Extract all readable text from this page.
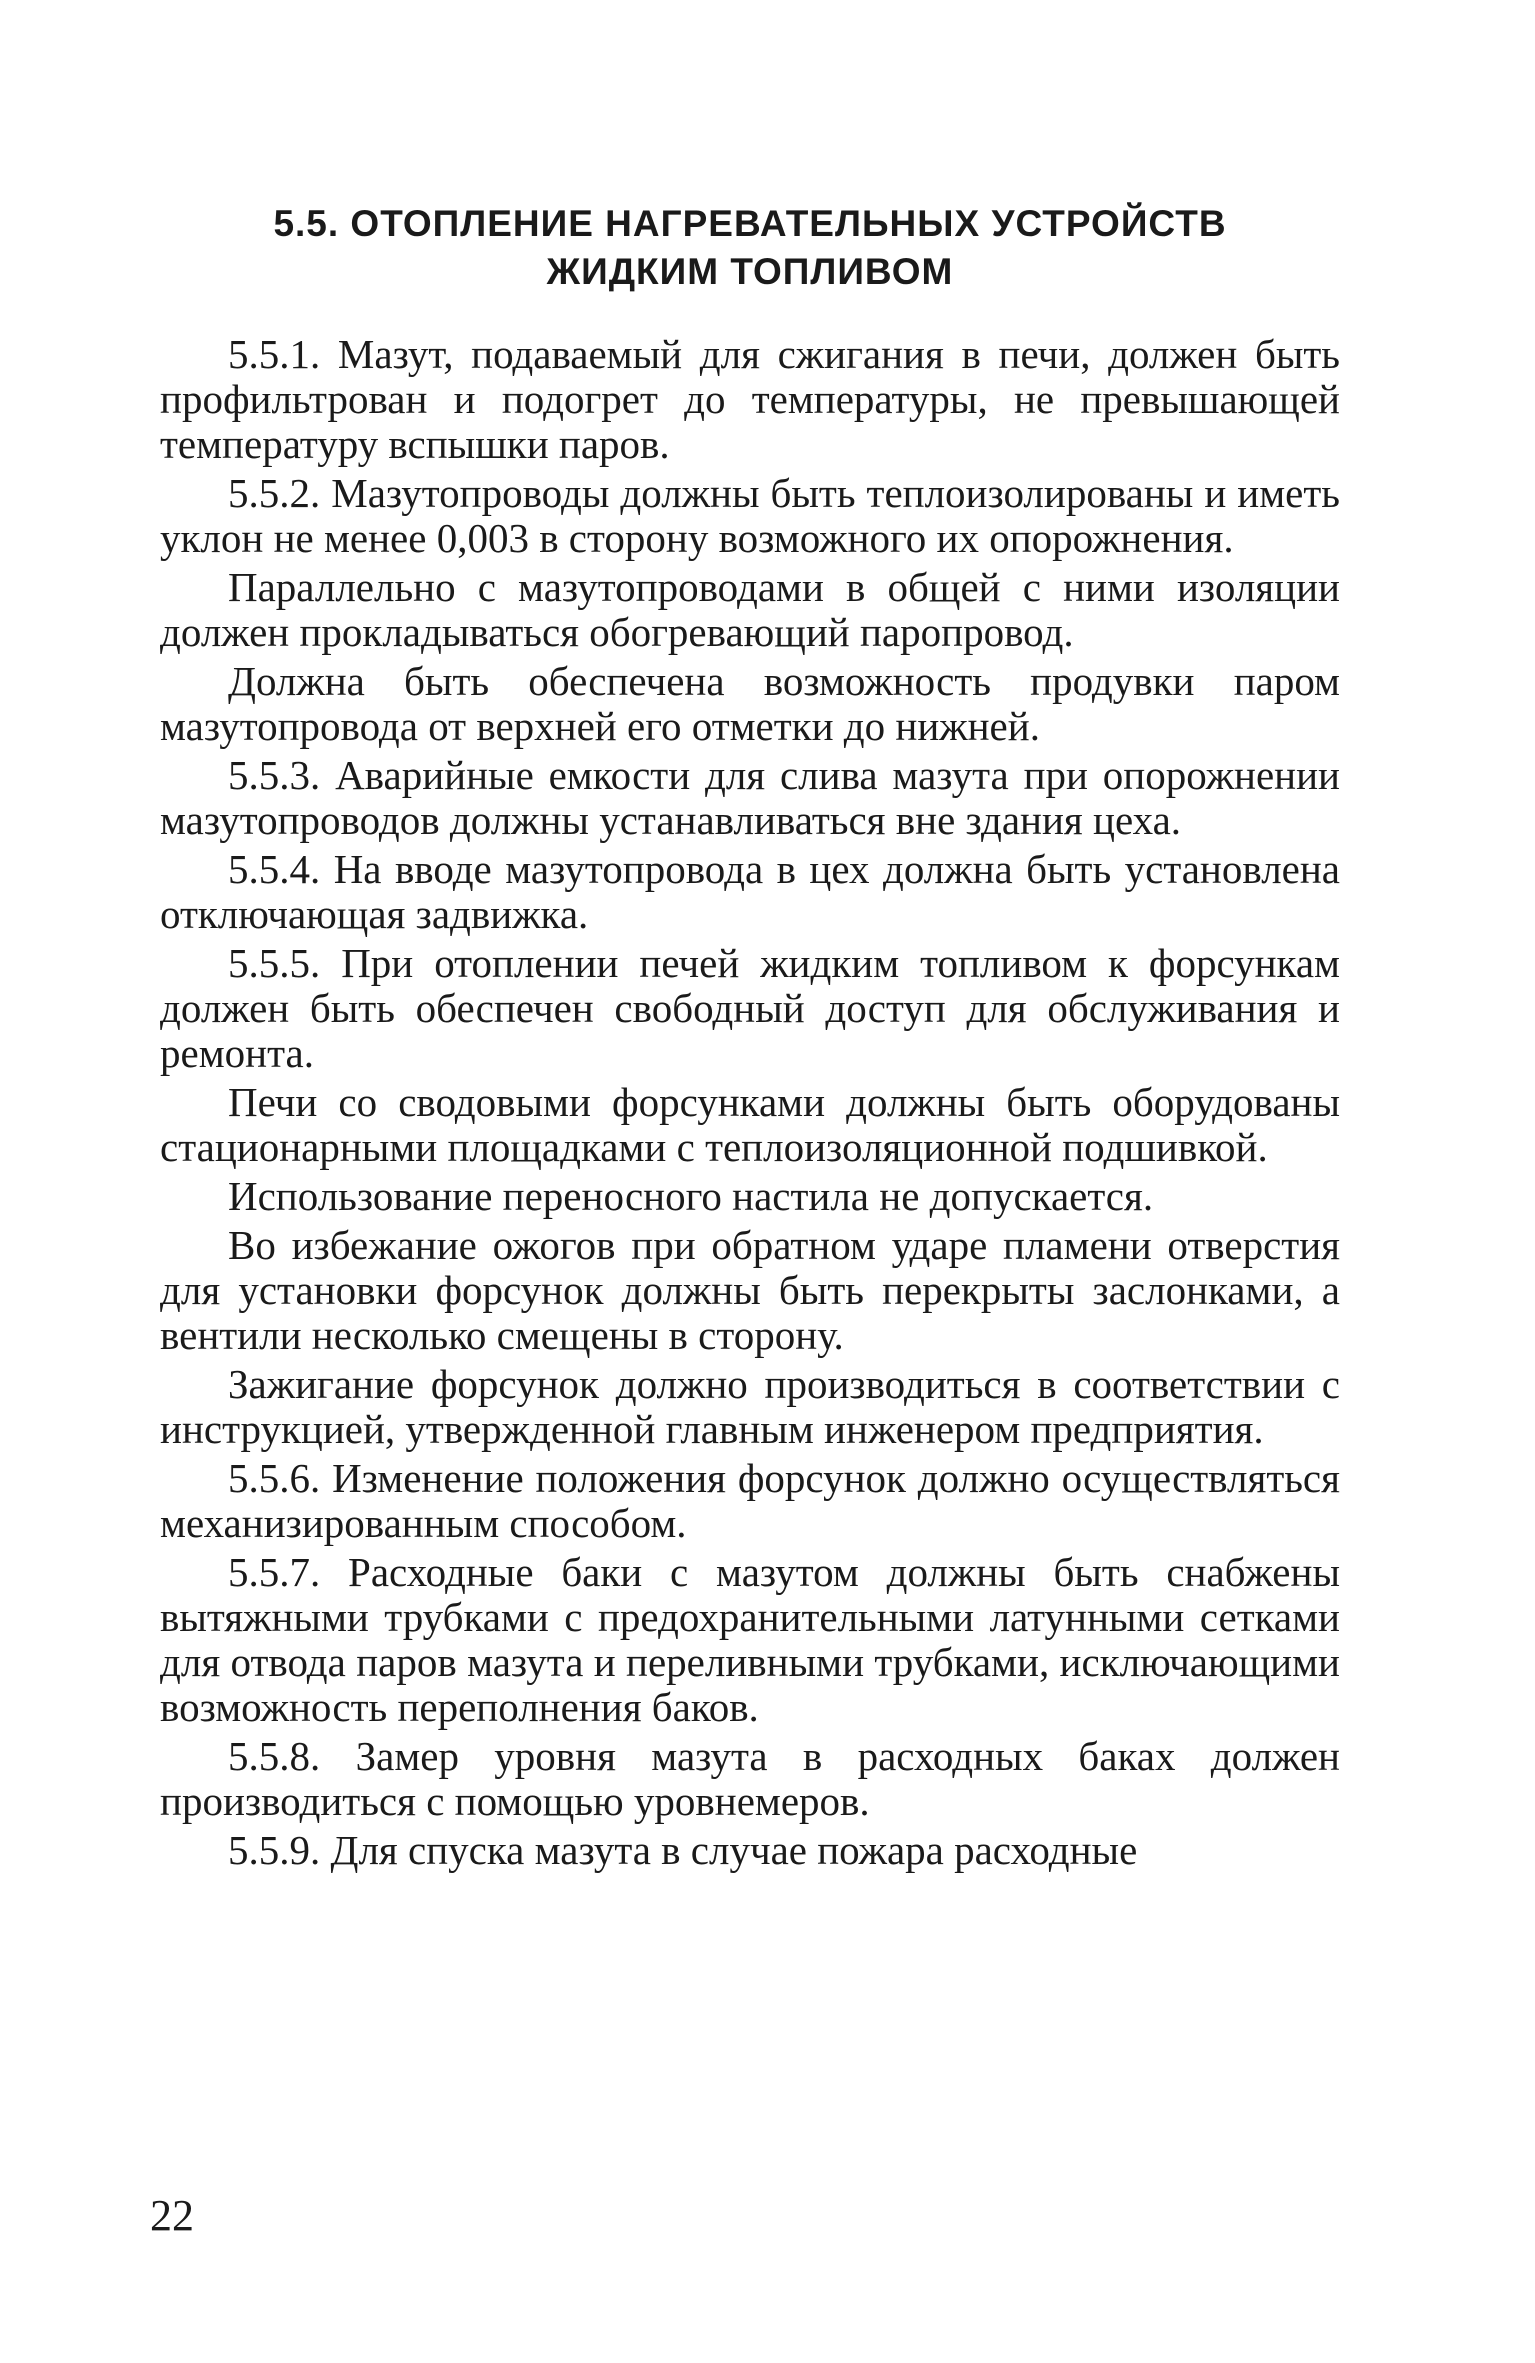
5.5. ОТОПЛЕНИЕ НАГРЕВАТЕЛЬНЫХ УСТРОЙСТВ
ЖИДКИМ ТОПЛИВОМ

5.5.1. Мазут, подаваемый для сжигания в печи, должен быть профильтрован и подогрет до температуры, не превышающей температуру вспышки паров.

5.5.2. Мазутопроводы должны быть теплоизолированы и иметь уклон не менее 0,003 в сторону возможного их опорожнения.

Параллельно с мазутопроводами в общей с ними изоляции должен прокладываться обогревающий паропровод.

Должна быть обеспечена возможность продувки паром мазутопровода от верхней его отметки до нижней.

5.5.3. Аварийные емкости для слива мазута при опорожнении мазутопроводов должны устанавливаться вне здания цеха.

5.5.4. На вводе мазутопровода в цех должна быть установлена отключающая задвижка.

5.5.5. При отоплении печей жидким топливом к форсункам должен быть обеспечен свободный доступ для обслуживания и ремонта.

Печи со сводовыми форсунками должны быть оборудованы стационарными площадками с теплоизоляционной подшивкой.

Использование переносного настила не допускается.

Во избежание ожогов при обратном ударе пламени отверстия для установки форсунок должны быть перекрыты заслонками, а вентили несколько смещены в сторону.

Зажигание форсунок должно производиться в соответствии с инструкцией, утвержденной главным инженером предприятия.

5.5.6. Изменение положения форсунок должно осуществляться механизированным способом.

5.5.7. Расходные баки с мазутом должны быть снабжены вытяжными трубками с предохранительными латунными сетками для отвода паров мазута и переливными трубками, исключающими возможность переполнения баков.

5.5.8. Замер уровня мазута в расходных баках должен производиться с помощью уровнемеров.

5.5.9. Для спуска мазута в случае пожара расходные

22
